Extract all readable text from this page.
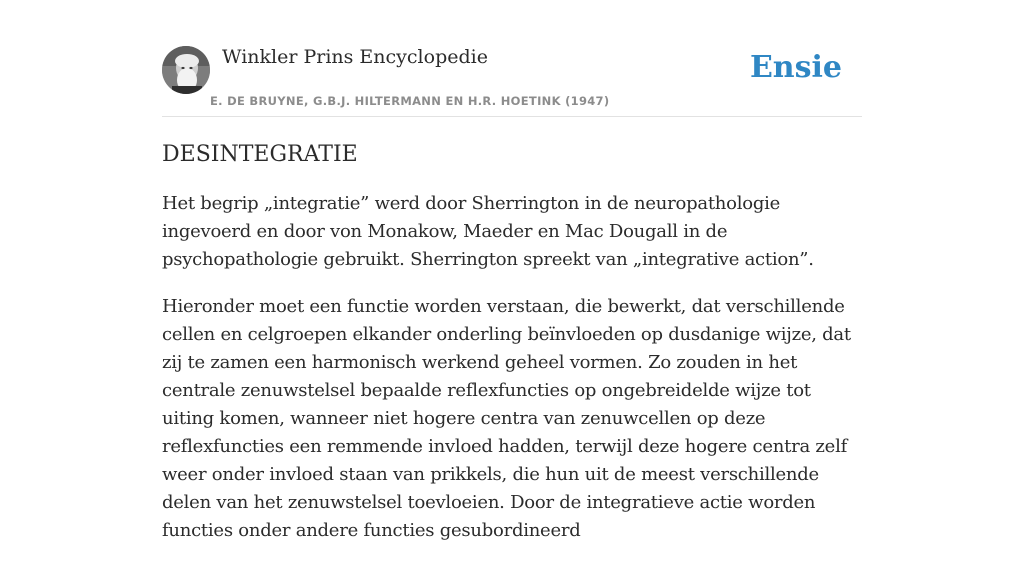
Winkler Prins Encyclopedie
E. DE BRUYNE, G.B.J. HILTERMANN EN H.R. HOETINK (1947)
Ensie
DESINTEGRATIE

Het begrip „integratie” werd door Sherrington in de neuropathologie ingevoerd en door von Monakow, Maeder en Mac Dougall in de psychopathologie gebruikt. Sherrington spreekt van „integrative action”.

Hieronder moet een functie worden verstaan, die bewerkt, dat verschillende cellen en celgroepen elkander onderling beïnvloeden op dusdanige wijze, dat zij te zamen een harmonisch werkend geheel vormen. Zo zouden in het centrale zenuwstelsel bepaalde reflexfuncties op ongebreidelde wijze tot uiting komen, wanneer niet hogere centra van zenuwcellen op deze reflexfuncties een remmende invloed hadden, terwijl deze hogere centra zelf weer onder invloed staan van prikkels, die hun uit de meest verschillende delen van het zenuwstelsel toevloeien. Door de integratieve actie worden functies onder andere functies gesubordineerd
